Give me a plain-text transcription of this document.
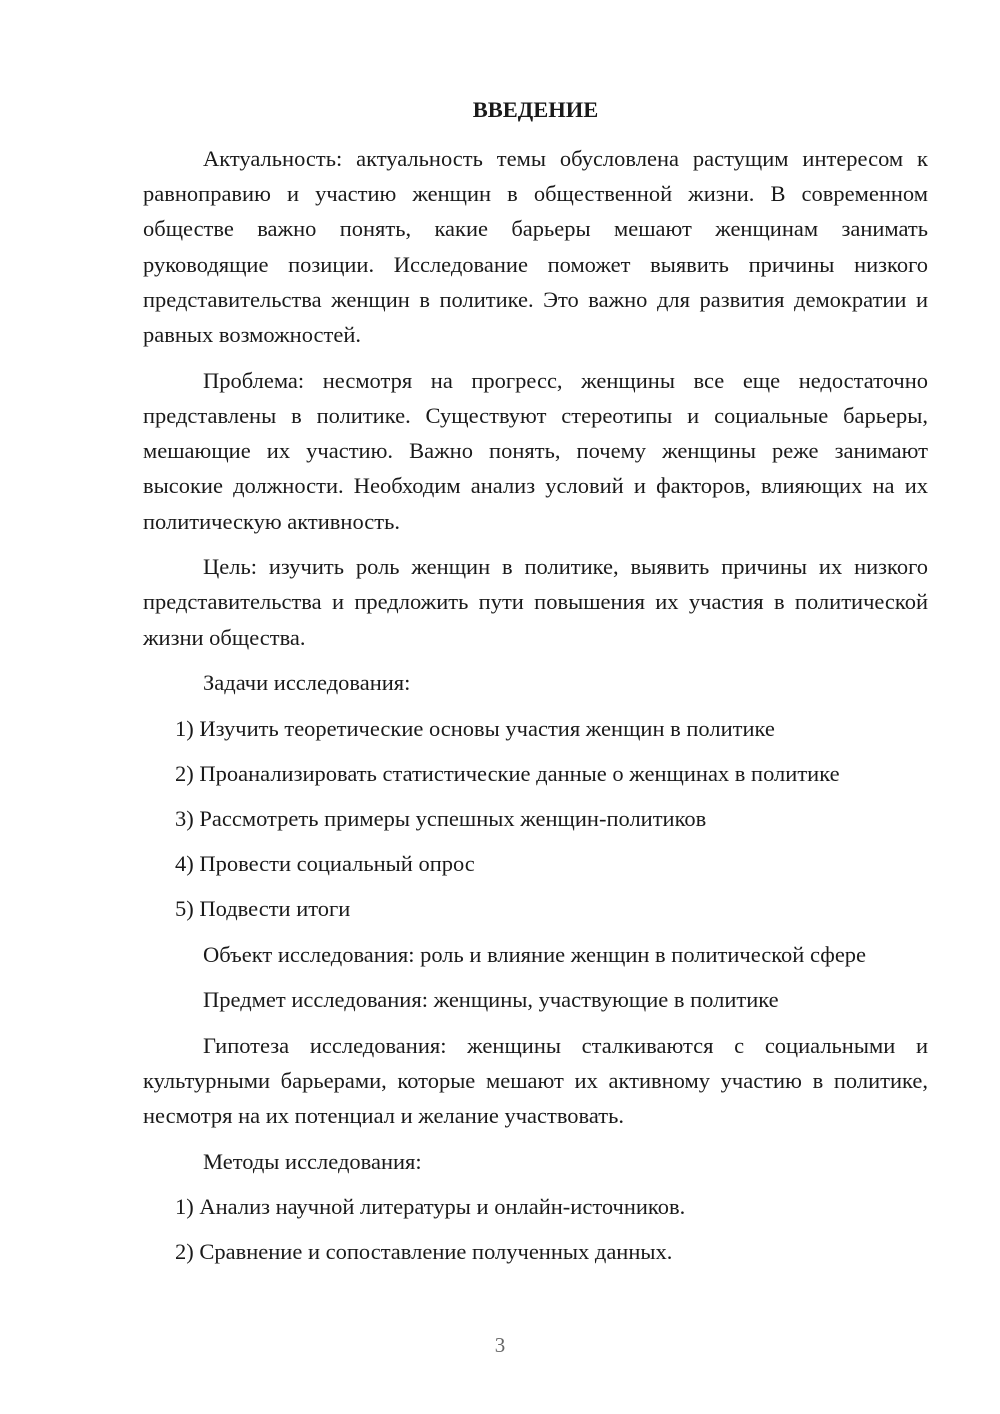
ВВЕДЕНИЕ

Актуальность: актуальность темы обусловлена растущим интересом к равноправию и участию женщин в общественной жизни. В современном обществе важно понять, какие барьеры мешают женщинам занимать руководящие позиции. Исследование поможет выявить причины низкого представительства женщин в политике. Это важно для развития демократии и равных возможностей.

Проблема: несмотря на прогресс, женщины все еще недостаточно представлены в политике. Существуют стереотипы и социальные барьеры, мешающие их участию. Важно понять, почему женщины реже занимают высокие должности. Необходим анализ условий и факторов, влияющих на их политическую активность.

Цель: изучить роль женщин в политике, выявить причины их низкого представительства и предложить пути повышения их участия в политической жизни общества.

Задачи исследования:
1) Изучить теоретические основы участия женщин в политике
2) Проанализировать статистические данные о женщинах в политике
3) Рассмотреть примеры успешных женщин-политиков
4) Провести социальный опрос
5) Подвести итоги

Объект исследования: роль и влияние женщин в политической сфере

Предмет исследования: женщины, участвующие в политике

Гипотеза исследования: женщины сталкиваются с социальными и культурными барьерами, которые мешают их активному участию в политике, несмотря на их потенциал и желание участвовать.

Методы исследования:
1) Анализ научной литературы и онлайн-источников.
2) Сравнение и сопоставление полученных данных.
3
